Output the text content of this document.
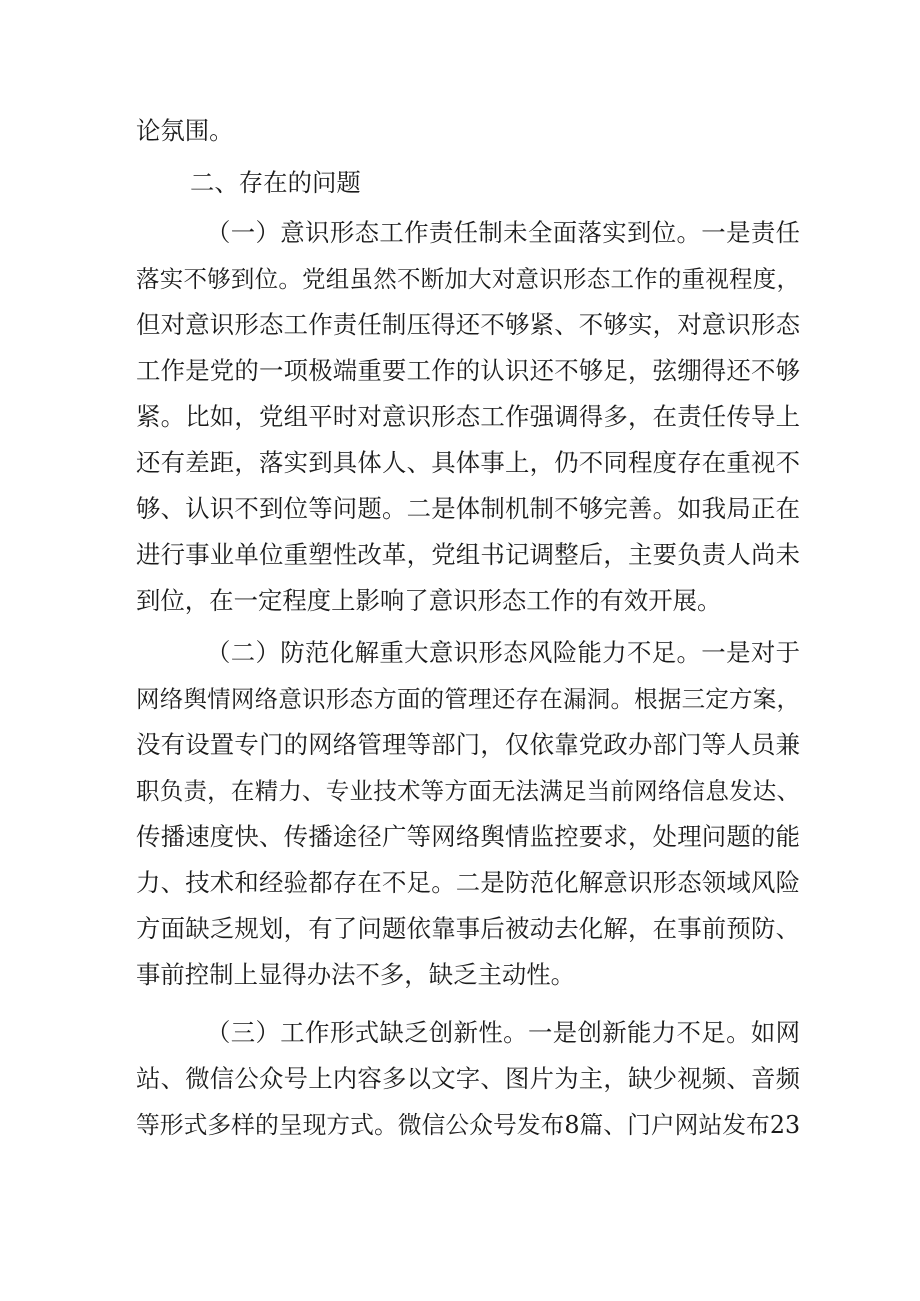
论氛围。
二、存在的问题
（一）意识形态工作责任制未全面落实到位。一是责任
落实不够到位。党组虽然不断加大对意识形态工作的重视程度，
但对意识形态工作责任制压得还不够紧、不够实，对意识形态
工作是党的一项极端重要工作的认识还不够足，弦绷得还不够
紧。比如，党组平时对意识形态工作强调得多，在责任传导上
还有差距，落实到具体人、具体事上，仍不同程度存在重视不
够、认识不到位等问题。二是体制机制不够完善。如我局正在
进行事业单位重塑性改革，党组书记调整后，主要负责人尚未
到位，在一定程度上影响了意识形态工作的有效开展。
（二）防范化解重大意识形态风险能力不足。一是对于
网络舆情网络意识形态方面的管理还存在漏洞。根据三定方案，
没有设置专门的网络管理等部门，仅依靠党政办部门等人员兼
职负责，在精力、专业技术等方面无法满足当前网络信息发达、
传播速度快、传播途径广等网络舆情监控要求，处理问题的能
力、技术和经验都存在不足。二是防范化解意识形态领域风险
方面缺乏规划，有了问题依靠事后被动去化解，在事前预防、
事前控制上显得办法不多，缺乏主动性。
（三）工作形式缺乏创新性。一是创新能力不足。如网
站、微信公众号上内容多以文字、图片为主，缺少视频、音频
等形式多样的呈现方式。微信公众号发布8篇、门户网站发布23
